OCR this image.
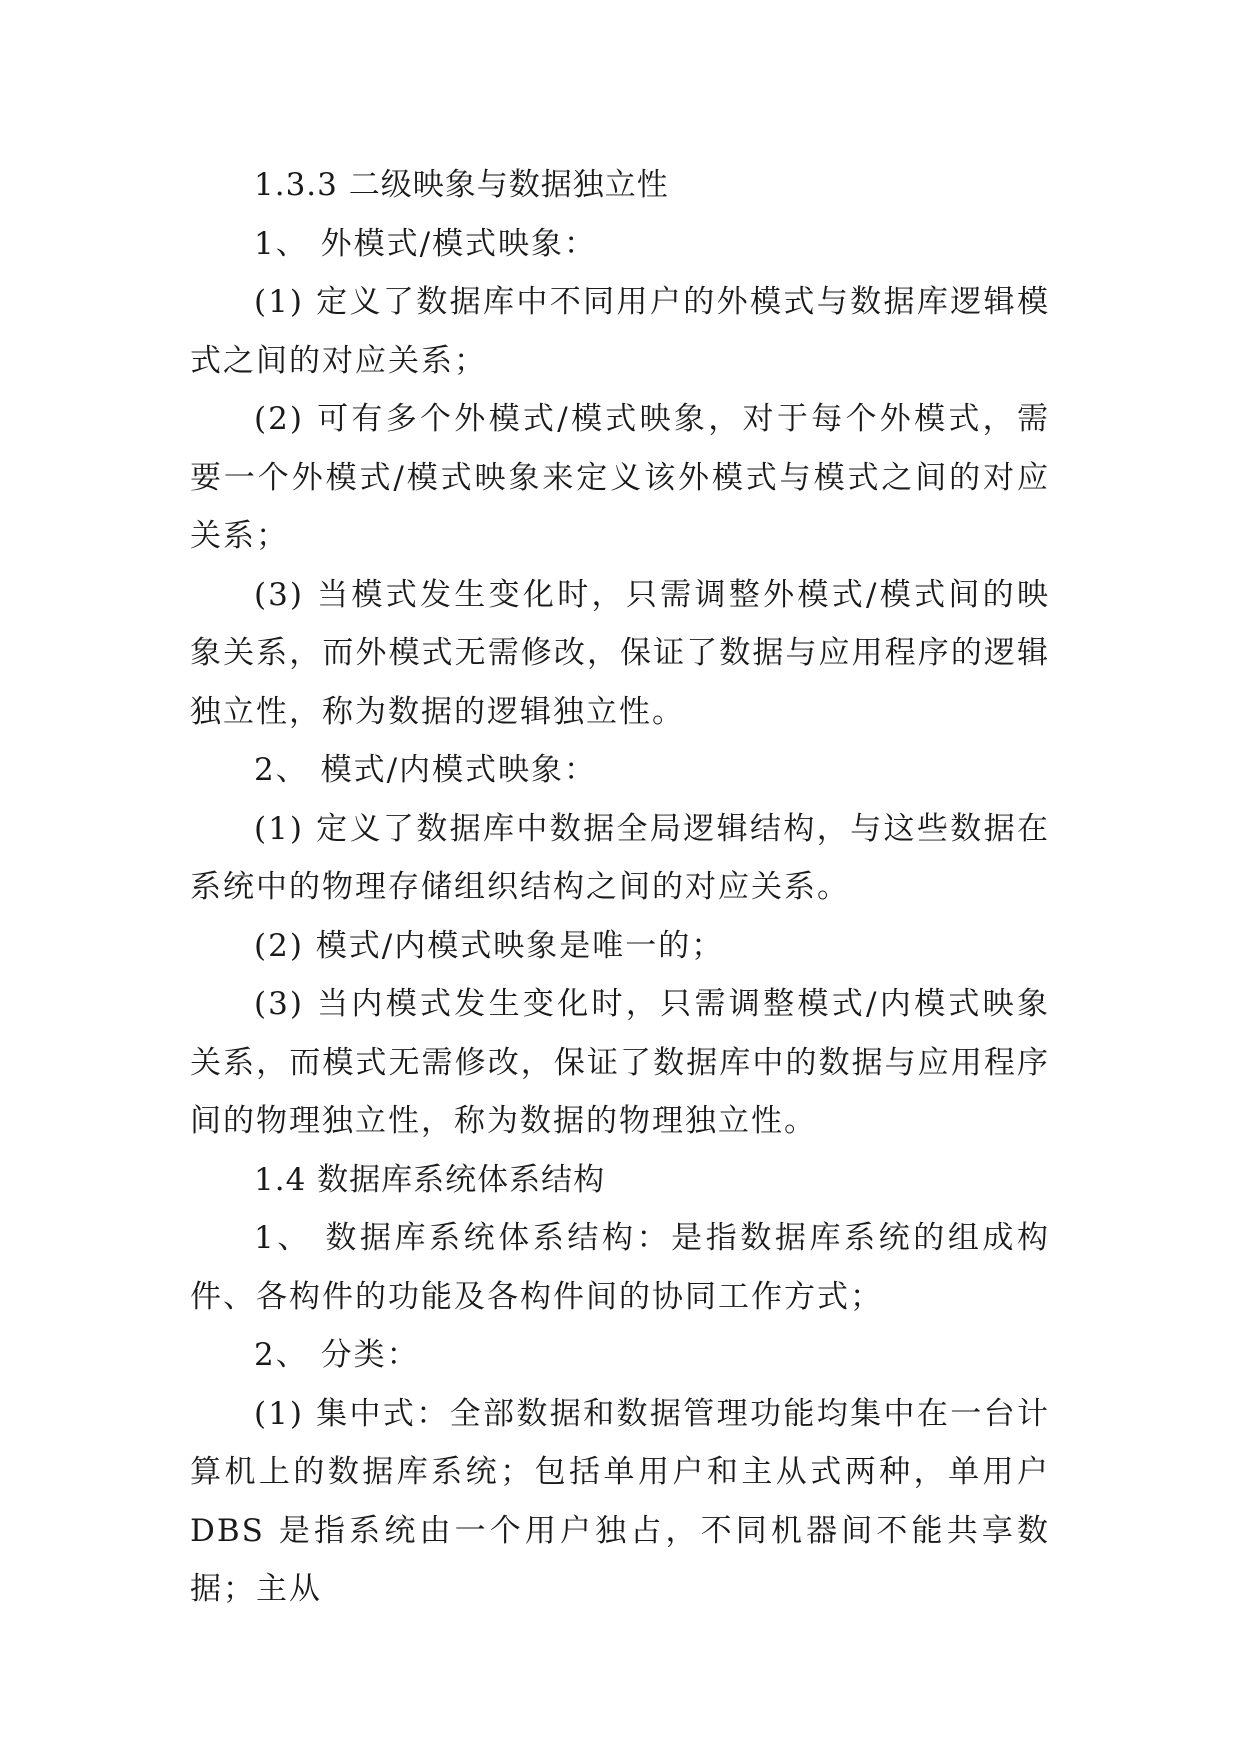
1.3.3 二级映象与数据独立性

1、 外模式/模式映象：

(1) 定义了数据库中不同用户的外模式与数据库逻辑模式之间的对应关系；

(2) 可有多个外模式/模式映象，对于每个外模式，需要一个外模式/模式映象来定义该外模式与模式之间的对应关系；

(3) 当模式发生变化时，只需调整外模式/模式间的映象关系，而外模式无需修改，保证了数据与应用程序的逻辑独立性，称为数据的逻辑独立性。

2、 模式/内模式映象：

(1) 定义了数据库中数据全局逻辑结构，与这些数据在系统中的物理存储组织结构之间的对应关系。

(2) 模式/内模式映象是唯一的；

(3) 当内模式发生变化时，只需调整模式/内模式映象关系，而模式无需修改，保证了数据库中的数据与应用程序间的物理独立性，称为数据的物理独立性。

1.4 数据库系统体系结构

1、 数据库系统体系结构：是指数据库系统的组成构件、各构件的功能及各构件间的协同工作方式；

2、 分类：

(1) 集中式：全部数据和数据管理功能均集中在一台计算机上的数据库系统；包括单用户和主从式两种，单用户 DBS 是指系统由一个用户独占，不同机器间不能共享数据；主从
